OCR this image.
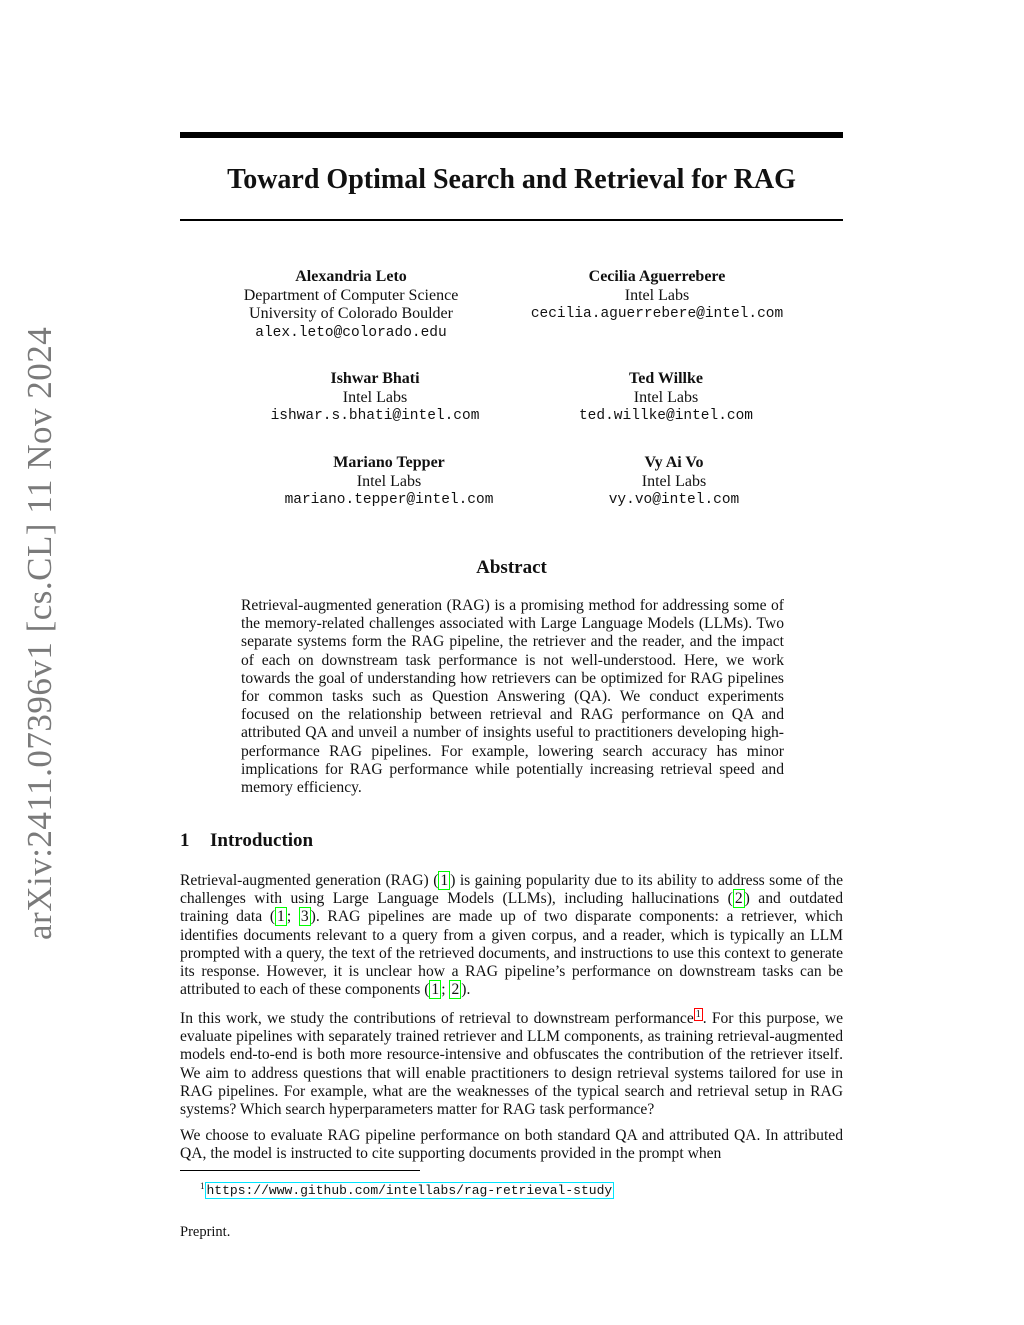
arXiv:2411.07396v1 [cs.CL] 11 Nov 2024
Toward Optimal Search and Retrieval for RAG
Alexandria Leto
Department of Computer Science
University of Colorado Boulder
alex.leto@colorado.edu
Cecilia Aguerrebere
Intel Labs
cecilia.aguerrebere@intel.com
Ishwar Bhati
Intel Labs
ishwar.s.bhati@intel.com
Ted Willke
Intel Labs
ted.willke@intel.com
Mariano Tepper
Intel Labs
mariano.tepper@intel.com
Vy Ai Vo
Intel Labs
vy.vo@intel.com
Abstract

Retrieval-augmented generation (RAG) is a promising method for addressing some of the memory-related challenges associated with Large Language Models (LLMs). Two separate systems form the RAG pipeline, the retriever and the reader, and the impact of each on downstream task performance is not well-understood. Here, we work towards the goal of understanding how retrievers can be optimized for RAG pipelines for common tasks such as Question Answering (QA). We conduct experiments focused on the relationship between retrieval and RAG performance on QA and attributed QA and unveil a number of insights useful to practitioners developing high-performance RAG pipelines. For example, lowering search accuracy has minor implications for RAG performance while potentially increasing retrieval speed and memory efficiency.

1 Introduction

Retrieval-augmented generation (RAG) ( 1 ) is gaining popularity due to its ability to address some of the challenges with using Large Language Models (LLMs), including hallucinations ( 2 ) and outdated training data ( 1 ; 3 ). RAG pipelines are made up of two disparate components: a retriever, which identifies documents relevant to a query from a given corpus, and a reader, which is typically an LLM prompted with a query, the text of the retrieved documents, and instructions to use this context to generate its response. However, it is unclear how a RAG pipeline’s performance on downstream tasks can be attributed to each of these components ( 1 ; 2 ).

In this work, we study the contributions of retrieval to downstream performance $^1$ . For this purpose, we evaluate pipelines with separately trained retriever and LLM components, as training retrieval-augmented models end-to-end is both more resource-intensive and obfuscates the contribution of the retriever itself. We aim to address questions that will enable practitioners to design retrieval systems tailored for use in RAG pipelines. For example, what are the weaknesses of the typical search and retrieval setup in RAG systems? Which search hyperparameters matter for RAG task performance?

We choose to evaluate RAG pipeline performance on both standard QA and attributed QA. In attributed QA, the model is instructed to cite supporting documents provided in the prompt when

$^1$ https://www.github.com/intellabs/rag-retrieval-study
Preprint.
